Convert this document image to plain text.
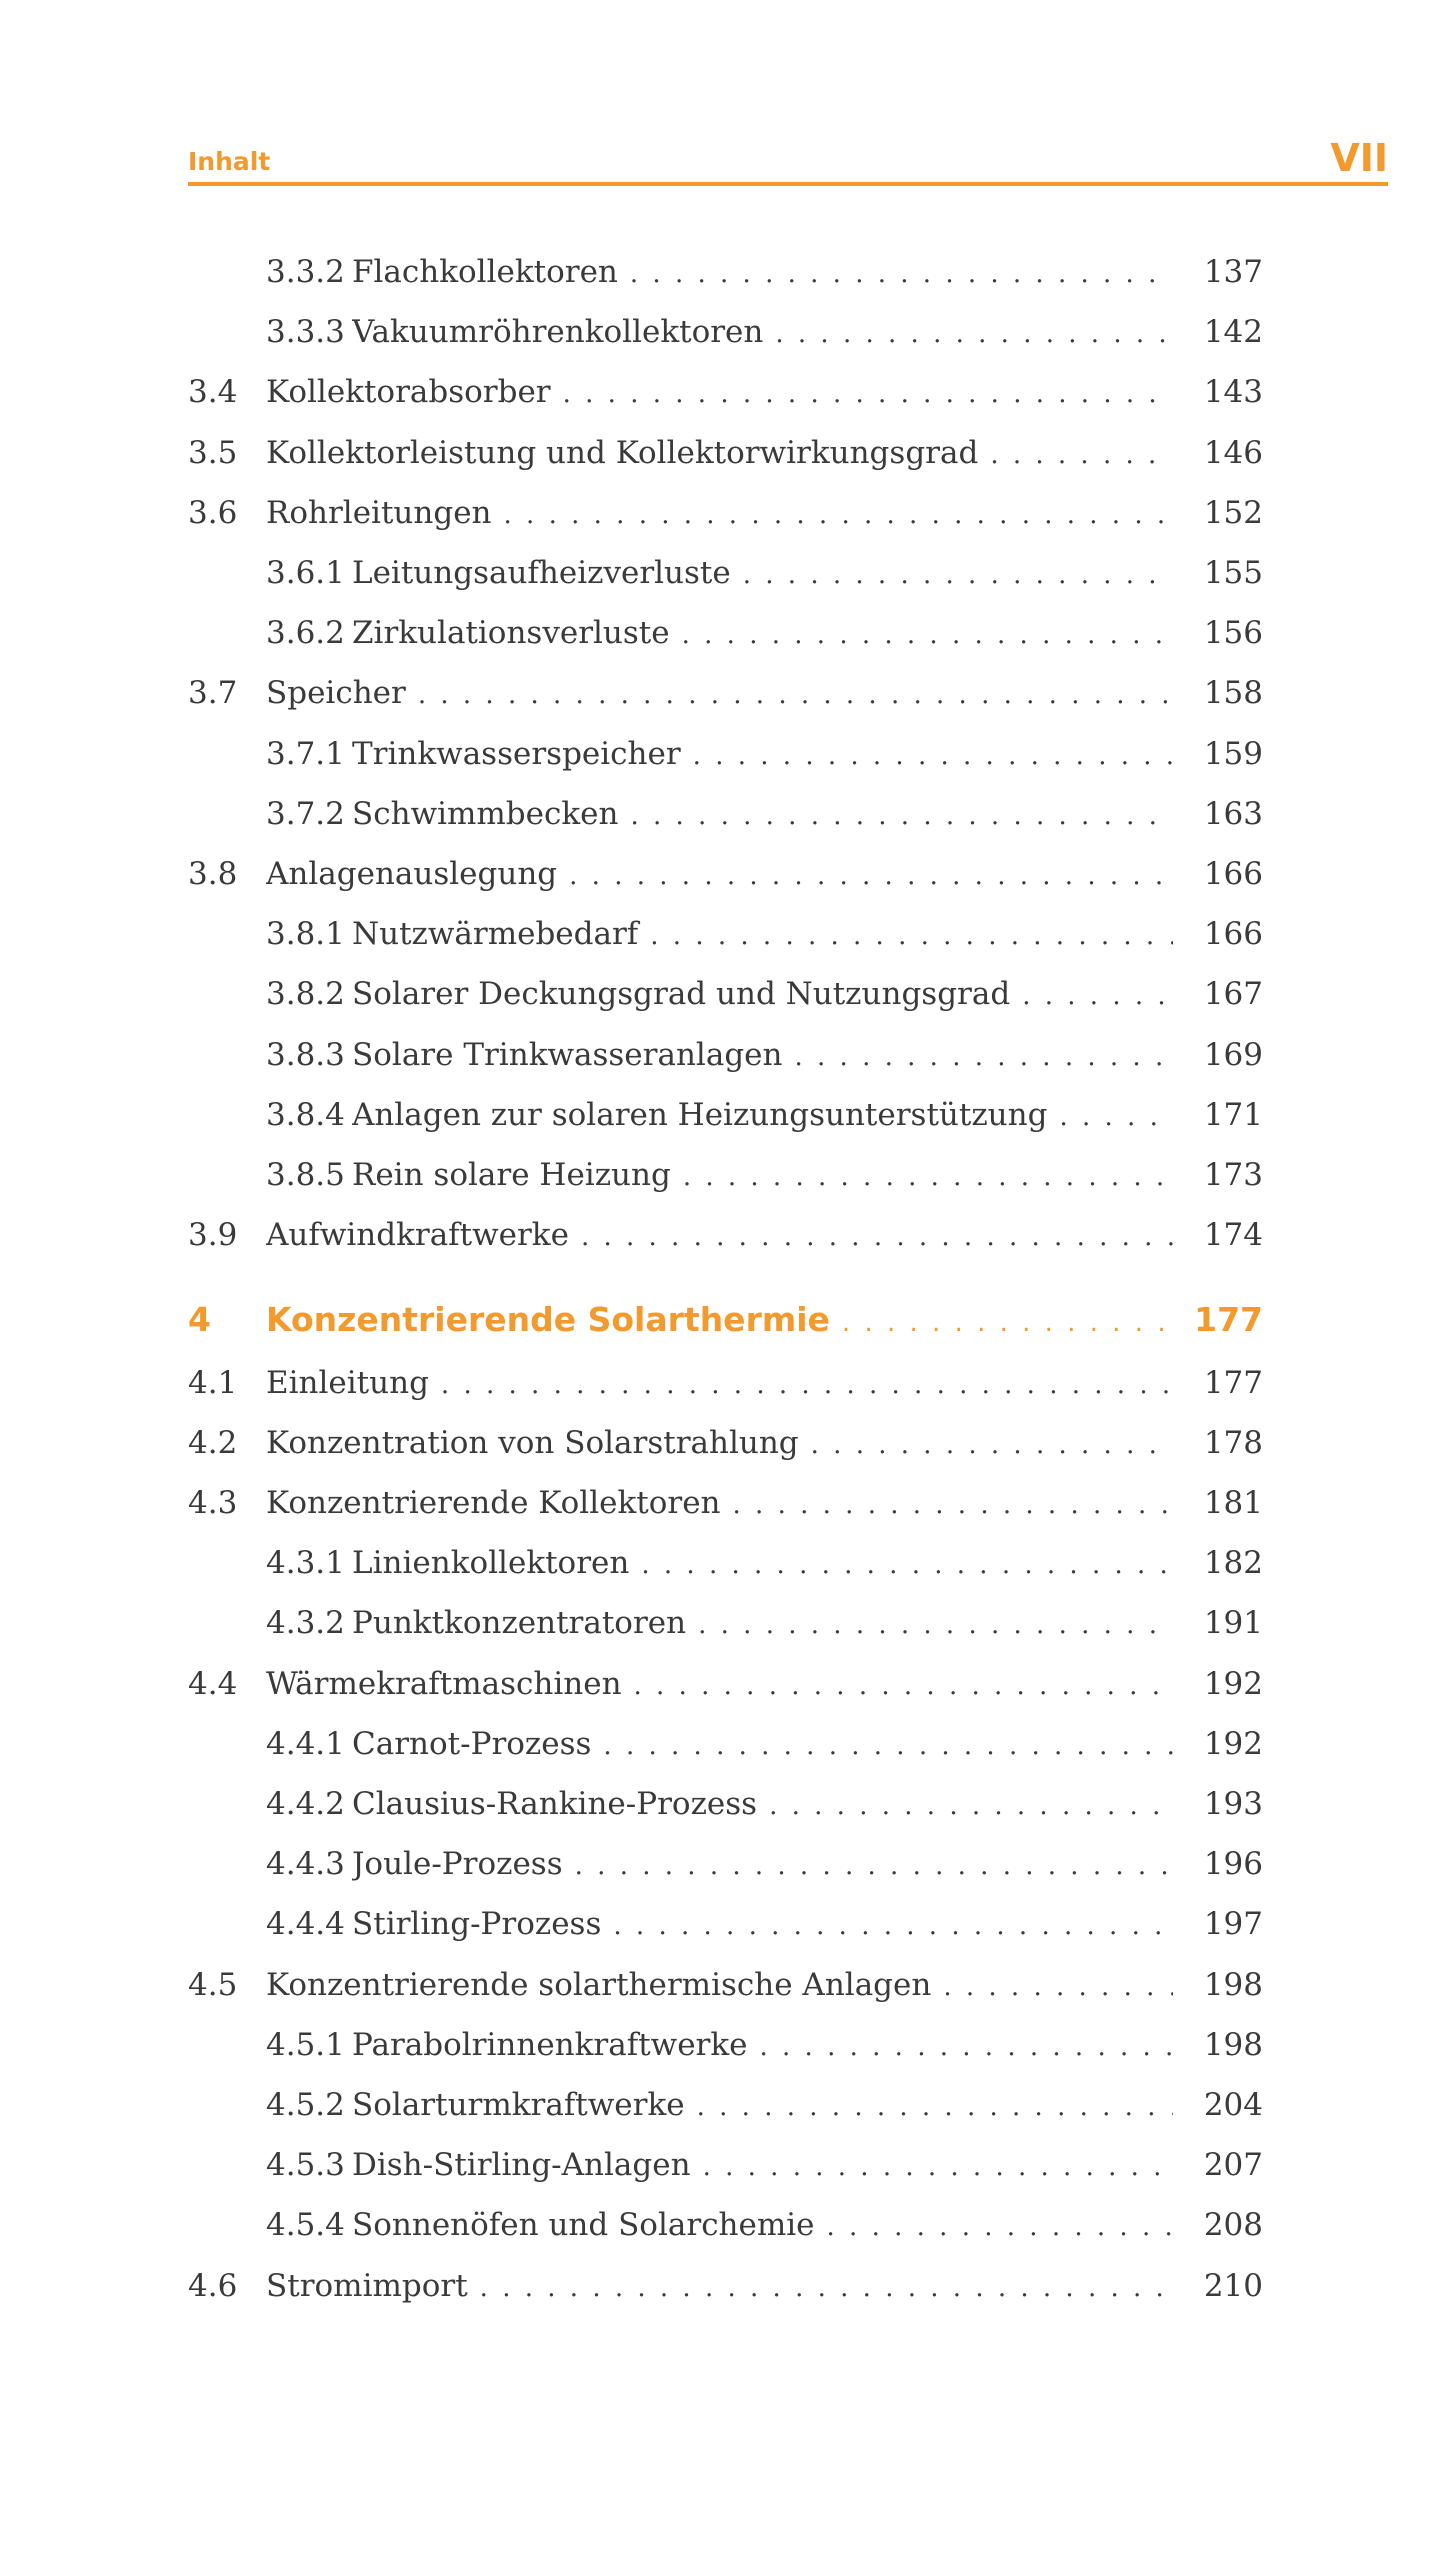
Inhalt	VII
3.3.2 Flachkollektoren . . .	137
3.3.3 Vakuumröhrenkollektoren . . .	142
3.4 Kollektorabsorber . . .	143
3.5 Kollektorleistung und Kollektorwirkungsgrad . . .	146
3.6 Rohrleitungen . . .	152
3.6.1 Leitungsaufheizverluste . . .	155
3.6.2 Zirkulationsverluste . . .	156
3.7 Speicher . . .	158
3.7.1 Trinkwasserspeicher . . .	159
3.7.2 Schwimmbecken . . .	163
3.8 Anlagenauslegung . . .	166
3.8.1 Nutzwärmebedarf . . .	166
3.8.2 Solarer Deckungsgrad und Nutzungsgrad . . .	167
3.8.3 Solare Trinkwasseranlagen . . .	169
3.8.4 Anlagen zur solaren Heizungsunterstützung . . .	171
3.8.5 Rein solare Heizung . . .	173
3.9 Aufwindkraftwerke . . .	174
4 Konzentrierende Solarthermie . . .	177
4.1 Einleitung . . .	177
4.2 Konzentration von Solarstrahlung . . .	178
4.3 Konzentrierende Kollektoren . . .	181
4.3.1 Linienkollektoren . . .	182
4.3.2 Punktkonzentratoren . . .	191
4.4 Wärmekraftmaschinen . . .	192
4.4.1 Carnot-Prozess . . .	192
4.4.2 Clausius-Rankine-Prozess . . .	193
4.4.3 Joule-Prozess . . .	196
4.4.4 Stirling-Prozess . . .	197
4.5 Konzentrierende solarthermische Anlagen . . .	198
4.5.1 Parabolrinnenkraftwerke . . .	198
4.5.2 Solarturmkraftwerke . . .	204
4.5.3 Dish-Stirling-Anlagen . . .	207
4.5.4 Sonnenöfen und Solarchemie . . .	208
4.6 Stromimport . . .	210
